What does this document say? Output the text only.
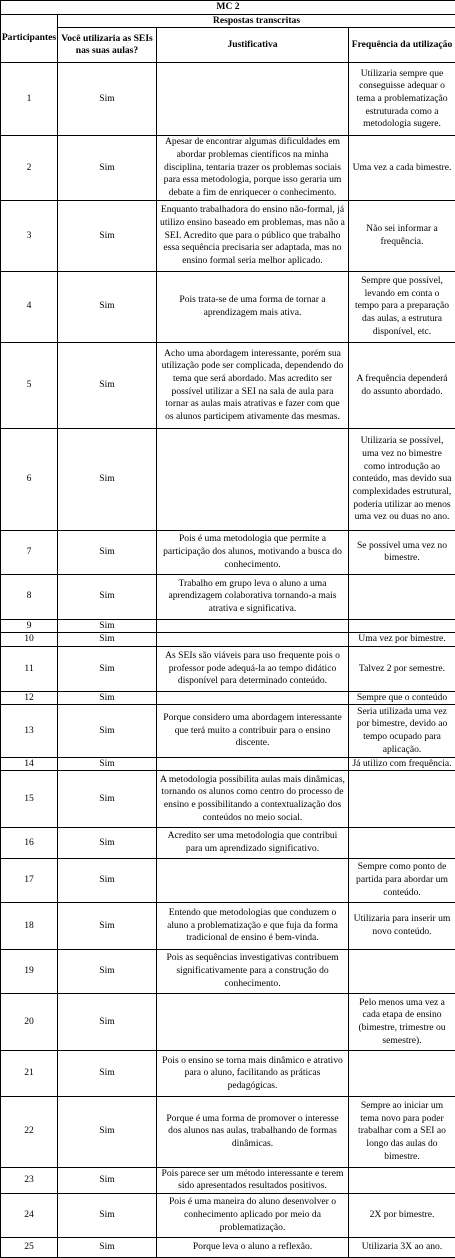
MC 2			
Participantes	Respostas transcritas		
	Você utilizaria as SEIs nas suas aulas?	Justificativa	Frequência da utilização
1	Sim		Utilizaria sempre que conseguisse adequar o tema a problematização estruturada como a metodologia sugere.
2	Sim	Apesar de encontrar algumas dificuldades em abordar problemas científicos na minha disciplina, tentaria trazer os problemas sociais para essa metodologia, porque isso geraria um debate a fim de enriquecer o conhecimento.	Uma vez a cada bimestre.
3	Sim	Enquanto trabalhadora do ensino não-formal, já utilizo ensino baseado em problemas, mas não a SEI. Acredito que para o público que trabalho essa sequência precisaria ser adaptada, mas no ensino formal seria melhor aplicado.	Não sei informar a frequência.
4	Sim	Pois trata-se de uma forma de tornar a aprendizagem mais ativa.	Sempre que possível, levando em conta o tempo para a preparação das aulas, a estrutura disponível, etc.
5	Sim	Acho uma abordagem interessante, porém sua utilização pode ser complicada, dependendo do tema que será abordado. Mas acredito ser possível utilizar a SEI na sala de aula para tornar as aulas mais atrativas e fazer com que os alunos participem ativamente das mesmas.	A frequência dependerá do assunto abordado.
6	Sim		Utilizaria se possível, uma vez no bimestre como introdução ao conteúdo, mas devido sua complexidades estrutural, poderia utilizar ao menos uma vez ou duas no ano.
7	Sim	Pois é uma metodologia que permite a participação dos alunos, motivando a busca do conhecimento.	Se possível uma vez no bimestre.
8	Sim	Trabalho em grupo leva o aluno a uma aprendizagem colaborativa tornando-a mais atrativa e significativa.	
9	Sim		
10	Sim		Uma vez por bimestre.
11	Sim	As SEIs são viáveis para uso frequente pois o professor pode adequá-la ao tempo didático disponível para determinado conteúdo.	Talvez 2 por semestre.
12	Sim		Sempre que o conteúdo
13	Sim	Porque considero uma abordagem interessante que terá muito a contribuir para o ensino discente.	Seria utilizada uma vez por bimestre, devido ao tempo ocupado para aplicação.
14	Sim		Já utilizo com frequência.
15	Sim	A metodologia possibilita aulas mais dinâmicas, tornando os alunos como centro do processo de ensino e possibilitando a contextualização dos conteúdos no meio social.	
16	Sim	Acredito ser uma metodologia que contribui para um aprendizado significativo.	
17	Sim		Sempre como ponto de partida para abordar um conteúdo.
18	Sim	Entendo que metodologias que conduzem o aluno a problematização e que fuja da forma tradicional de ensino é bem-vinda.	Utilizaria para inserir um novo conteúdo.
19	Sim	Pois as sequências investigativas contribuem significativamente para a construção do conhecimento.	
20	Sim		Pelo menos uma vez a cada etapa de ensino (bimestre, trimestre ou semestre).
21	Sim	Pois o ensino se torna mais dinâmico e atrativo para o aluno, facilitando as práticas pedagógicas.	
22	Sim	Porque é uma forma de promover o interesse dos alunos nas aulas, trabalhando de formas dinâmicas.	Sempre ao iniciar um tema novo para poder trabalhar com a SEI ao longo das aulas do bimestre.
23	Sim	Pois parece ser um método interessante e terem sido apresentados resultados positivos.	
24	Sim	Pois é uma maneira do aluno desenvolver o conhecimento aplicado por meio da problematização.	2X por bimestre.
25	Sim	Porque leva o aluno a reflexão.	Utilizaria 3X ao ano.
